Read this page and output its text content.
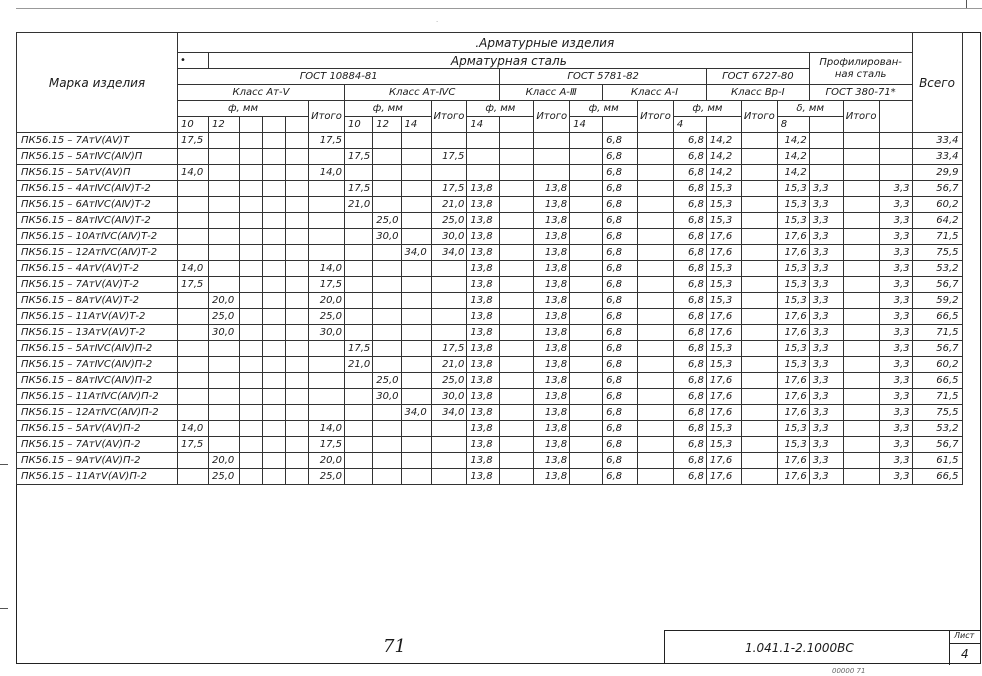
·
Марка изделия	.Арматурные изделия																							Всего
	•	Арматурная сталь																			Профилирован-ная сталь			
	ГОСТ 10884-81											ГОСТ 5781-82						ГОСТ 6727-80						
	Класс Ат-Ⅴ						Класс Ат-ⅣС					Класс А-Ⅲ			Класс А-I			Класс Вр-I			ГОСТ 380-71*			
	ф, мм					Итого	ф, мм			Итого	ф, мм		Итого	ф, мм		Итого	ф, мм		Итого	δ, мм		Итого		
	10	12					10	12	14		14			14			4			8				
ПК56.15 – 7АтⅤ(АⅤ)Т	17,5					17,5									6,8		6,8	14,2		14,2				33,4
ПК56.15 – 5АтⅣС(АⅣ)П							17,5			17,5					6,8		6,8	14,2		14,2				33,4
ПК56.15 – 5АтⅤ(АⅤ)П	14,0					14,0									6,8		6,8	14,2		14,2				29,9
ПК56.15 – 4АтⅣС(АⅣ)Т-2							17,5			17,5	13,8		13,8		6,8		6,8	15,3		15,3	3,3		3,3	56,7
ПК56.15 – 6АтⅣС(АⅣ)Т-2							21,0			21,0	13,8		13,8		6,8		6,8	15,3		15,3	3,3		3,3	60,2
ПК56.15 – 8АтⅣС(АⅣ)Т-2								25,0		25,0	13,8		13,8		6,8		6,8	15,3		15,3	3,3		3,3	64,2
ПК56.15 – 10АтⅣС(АⅣ)Т-2								30,0		30,0	13,8		13,8		6,8		6,8	17,6		17,6	3,3		3,3	71,5
ПК56.15 – 12АтⅣС(АⅣ)Т-2									34,0	34,0	13,8		13,8		6,8		6,8	17,6		17,6	3,3		3,3	75,5
ПК56.15 – 4АтⅤ(АⅤ)Т-2	14,0					14,0					13,8		13,8		6,8		6,8	15,3		15,3	3,3		3,3	53,2
ПК56.15 – 7АтⅤ(АⅤ)Т-2	17,5					17,5					13,8		13,8		6,8		6,8	15,3		15,3	3,3		3,3	56,7
ПК56.15 – 8АтⅤ(АⅤ)Т-2		20,0				20,0					13,8		13,8		6,8		6,8	15,3		15,3	3,3		3,3	59,2
ПК56.15 – 11АтⅤ(АⅤ)Т-2		25,0				25,0					13,8		13,8		6,8		6,8	17,6		17,6	3,3		3,3	66,5
ПК56.15 – 13АтⅤ(АⅤ)Т-2		30,0				30,0					13,8		13,8		6,8		6,8	17,6		17,6	3,3		3,3	71,5
ПК56.15 – 5АтⅣС(АⅣ)П-2							17,5			17,5	13,8		13,8		6,8		6,8	15,3		15,3	3,3		3,3	56,7
ПК56.15 – 7АтⅣС(АⅣ)П-2							21,0			21,0	13,8		13,8		6,8		6,8	15,3		15,3	3,3		3,3	60,2
ПК56.15 – 8АтⅣС(АⅣ)П-2								25,0		25,0	13,8		13,8		6,8		6,8	17,6		17,6	3,3		3,3	66,5
ПК56.15 – 11АтⅣС(АⅣ)П-2								30,0		30,0	13,8		13,8		6,8		6,8	17,6		17,6	3,3		3,3	71,5
ПК56.15 – 12АтⅣС(АⅣ)П-2									34,0	34,0	13,8		13,8		6,8		6,8	17,6		17,6	3,3		3,3	75,5
ПК56.15 – 5АтⅤ(АⅤ)П-2	14,0					14,0					13,8		13,8		6,8		6,8	15,3		15,3	3,3		3,3	53,2
ПК56.15 – 7АтⅤ(АⅤ)П-2	17,5					17,5					13,8		13,8		6,8		6,8	15,3		15,3	3,3		3,3	56,7
ПК56.15 – 9АтⅤ(АⅤ)П-2		20,0				20,0					13,8		13,8		6,8		6,8	17,6		17,6	3,3		3,3	61,5
ПК56.15 – 11АтⅤ(АⅤ)П-2		25,0				25,0					13,8		13,8		6,8		6,8	17,6		17,6	3,3		3,3	66,5
1.041.1-2.1000ВС
Лист
4
71
00000 71
